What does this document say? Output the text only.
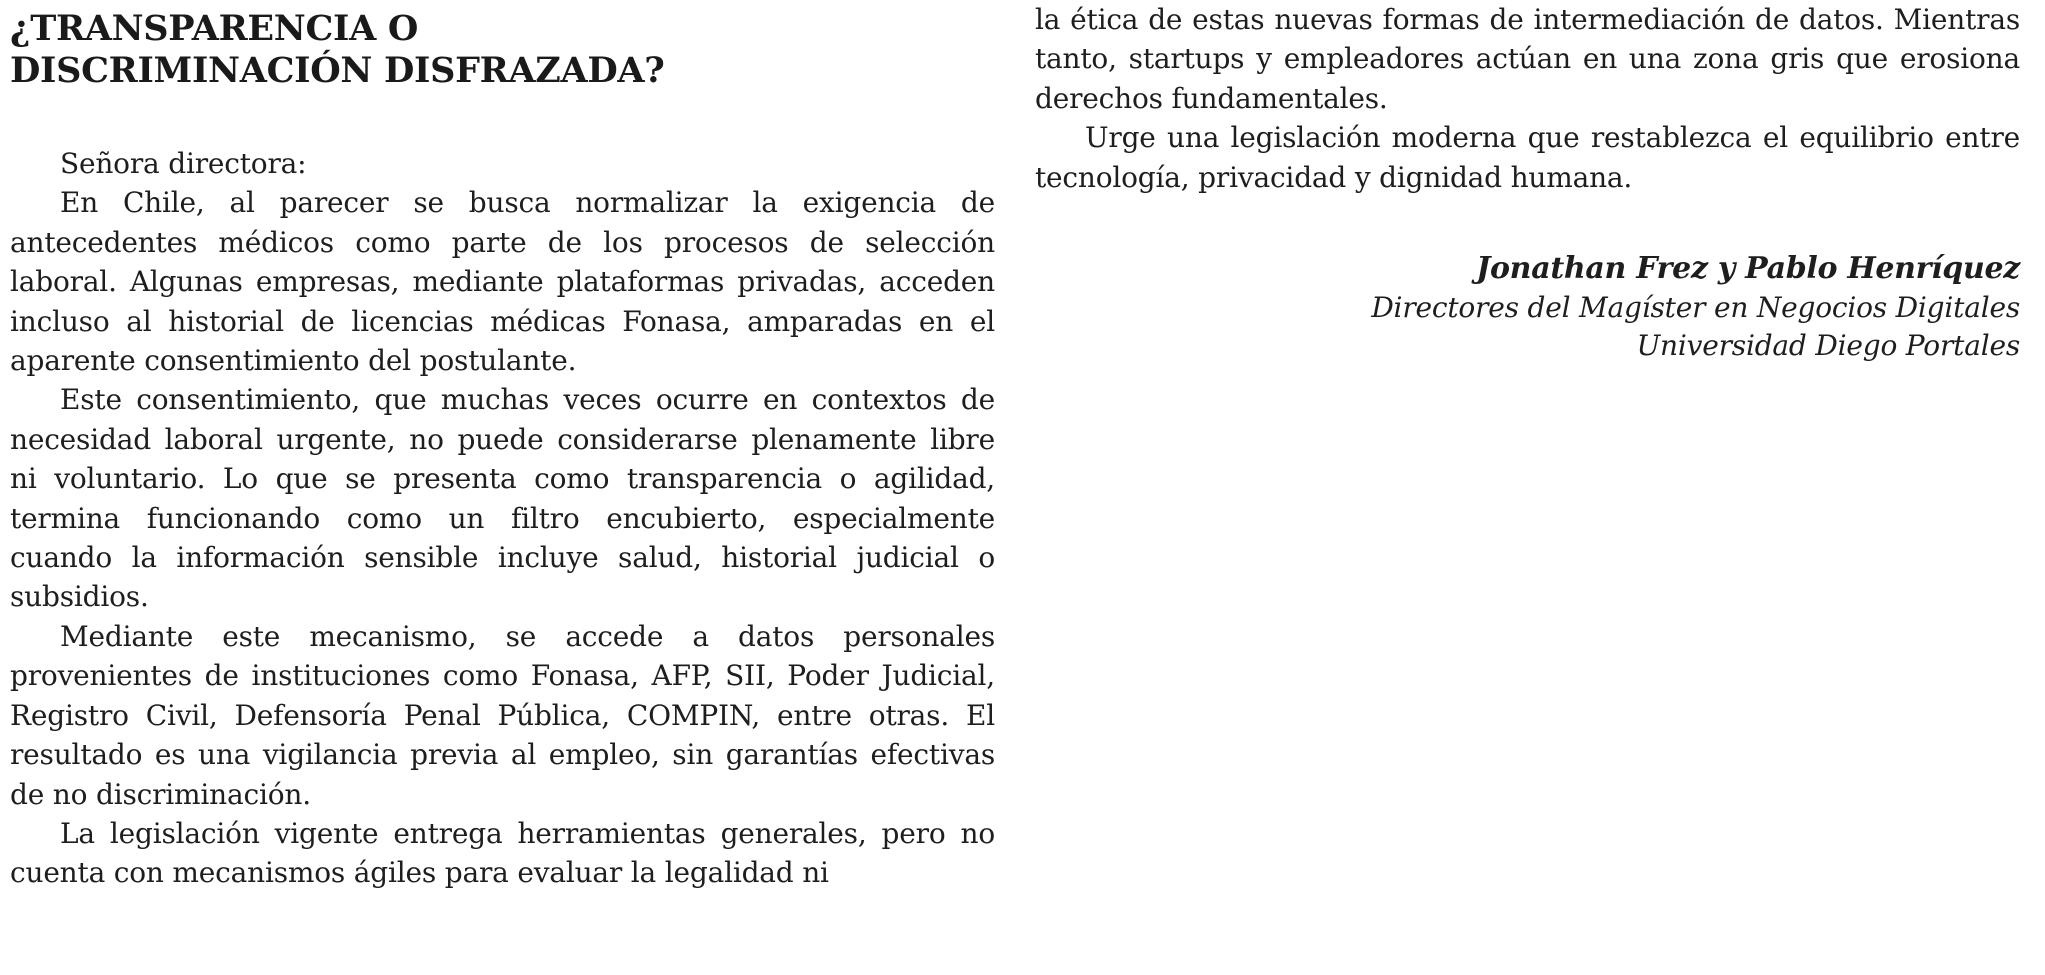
¿TRANSPARENCIA O
DISCRIMINACIÓN DISFRAZADA?

Señora directora:

En Chile, al parecer se busca normalizar la exigencia de antecedentes médicos como parte de los procesos de selección laboral. Algunas empresas, mediante plataformas privadas, acceden incluso al historial de licencias médicas Fonasa, amparadas en el aparente consentimiento del postulante.

Este consentimiento, que muchas veces ocurre en contextos de necesidad laboral urgente, no puede considerarse plenamente libre ni voluntario. Lo que se presenta como transparencia o agilidad, termina funcionando como un filtro encubierto, especialmente cuando la información sensible incluye salud, historial judicial o subsidios.

Mediante este mecanismo, se accede a datos personales provenientes de instituciones como Fonasa, AFP, SII, Poder Judicial, Registro Civil, Defensoría Penal Pública, COMPIN, entre otras. El resultado es una vigilancia previa al empleo, sin garantías efectivas de no discriminación.

La legislación vigente entrega herramientas generales, pero no cuenta con mecanismos ágiles para evaluar la legalidad ni

la ética de estas nuevas formas de intermediación de datos. Mientras tanto, startups y empleadores actúan en una zona gris que erosiona derechos fundamentales.

Urge una legislación moderna que restablezca el equilibrio entre tecnología, privacidad y dignidad humana.

Jonathan Frez y Pablo Henríquez
Directores del Magíster en Negocios Digitales
Universidad Diego Portales
